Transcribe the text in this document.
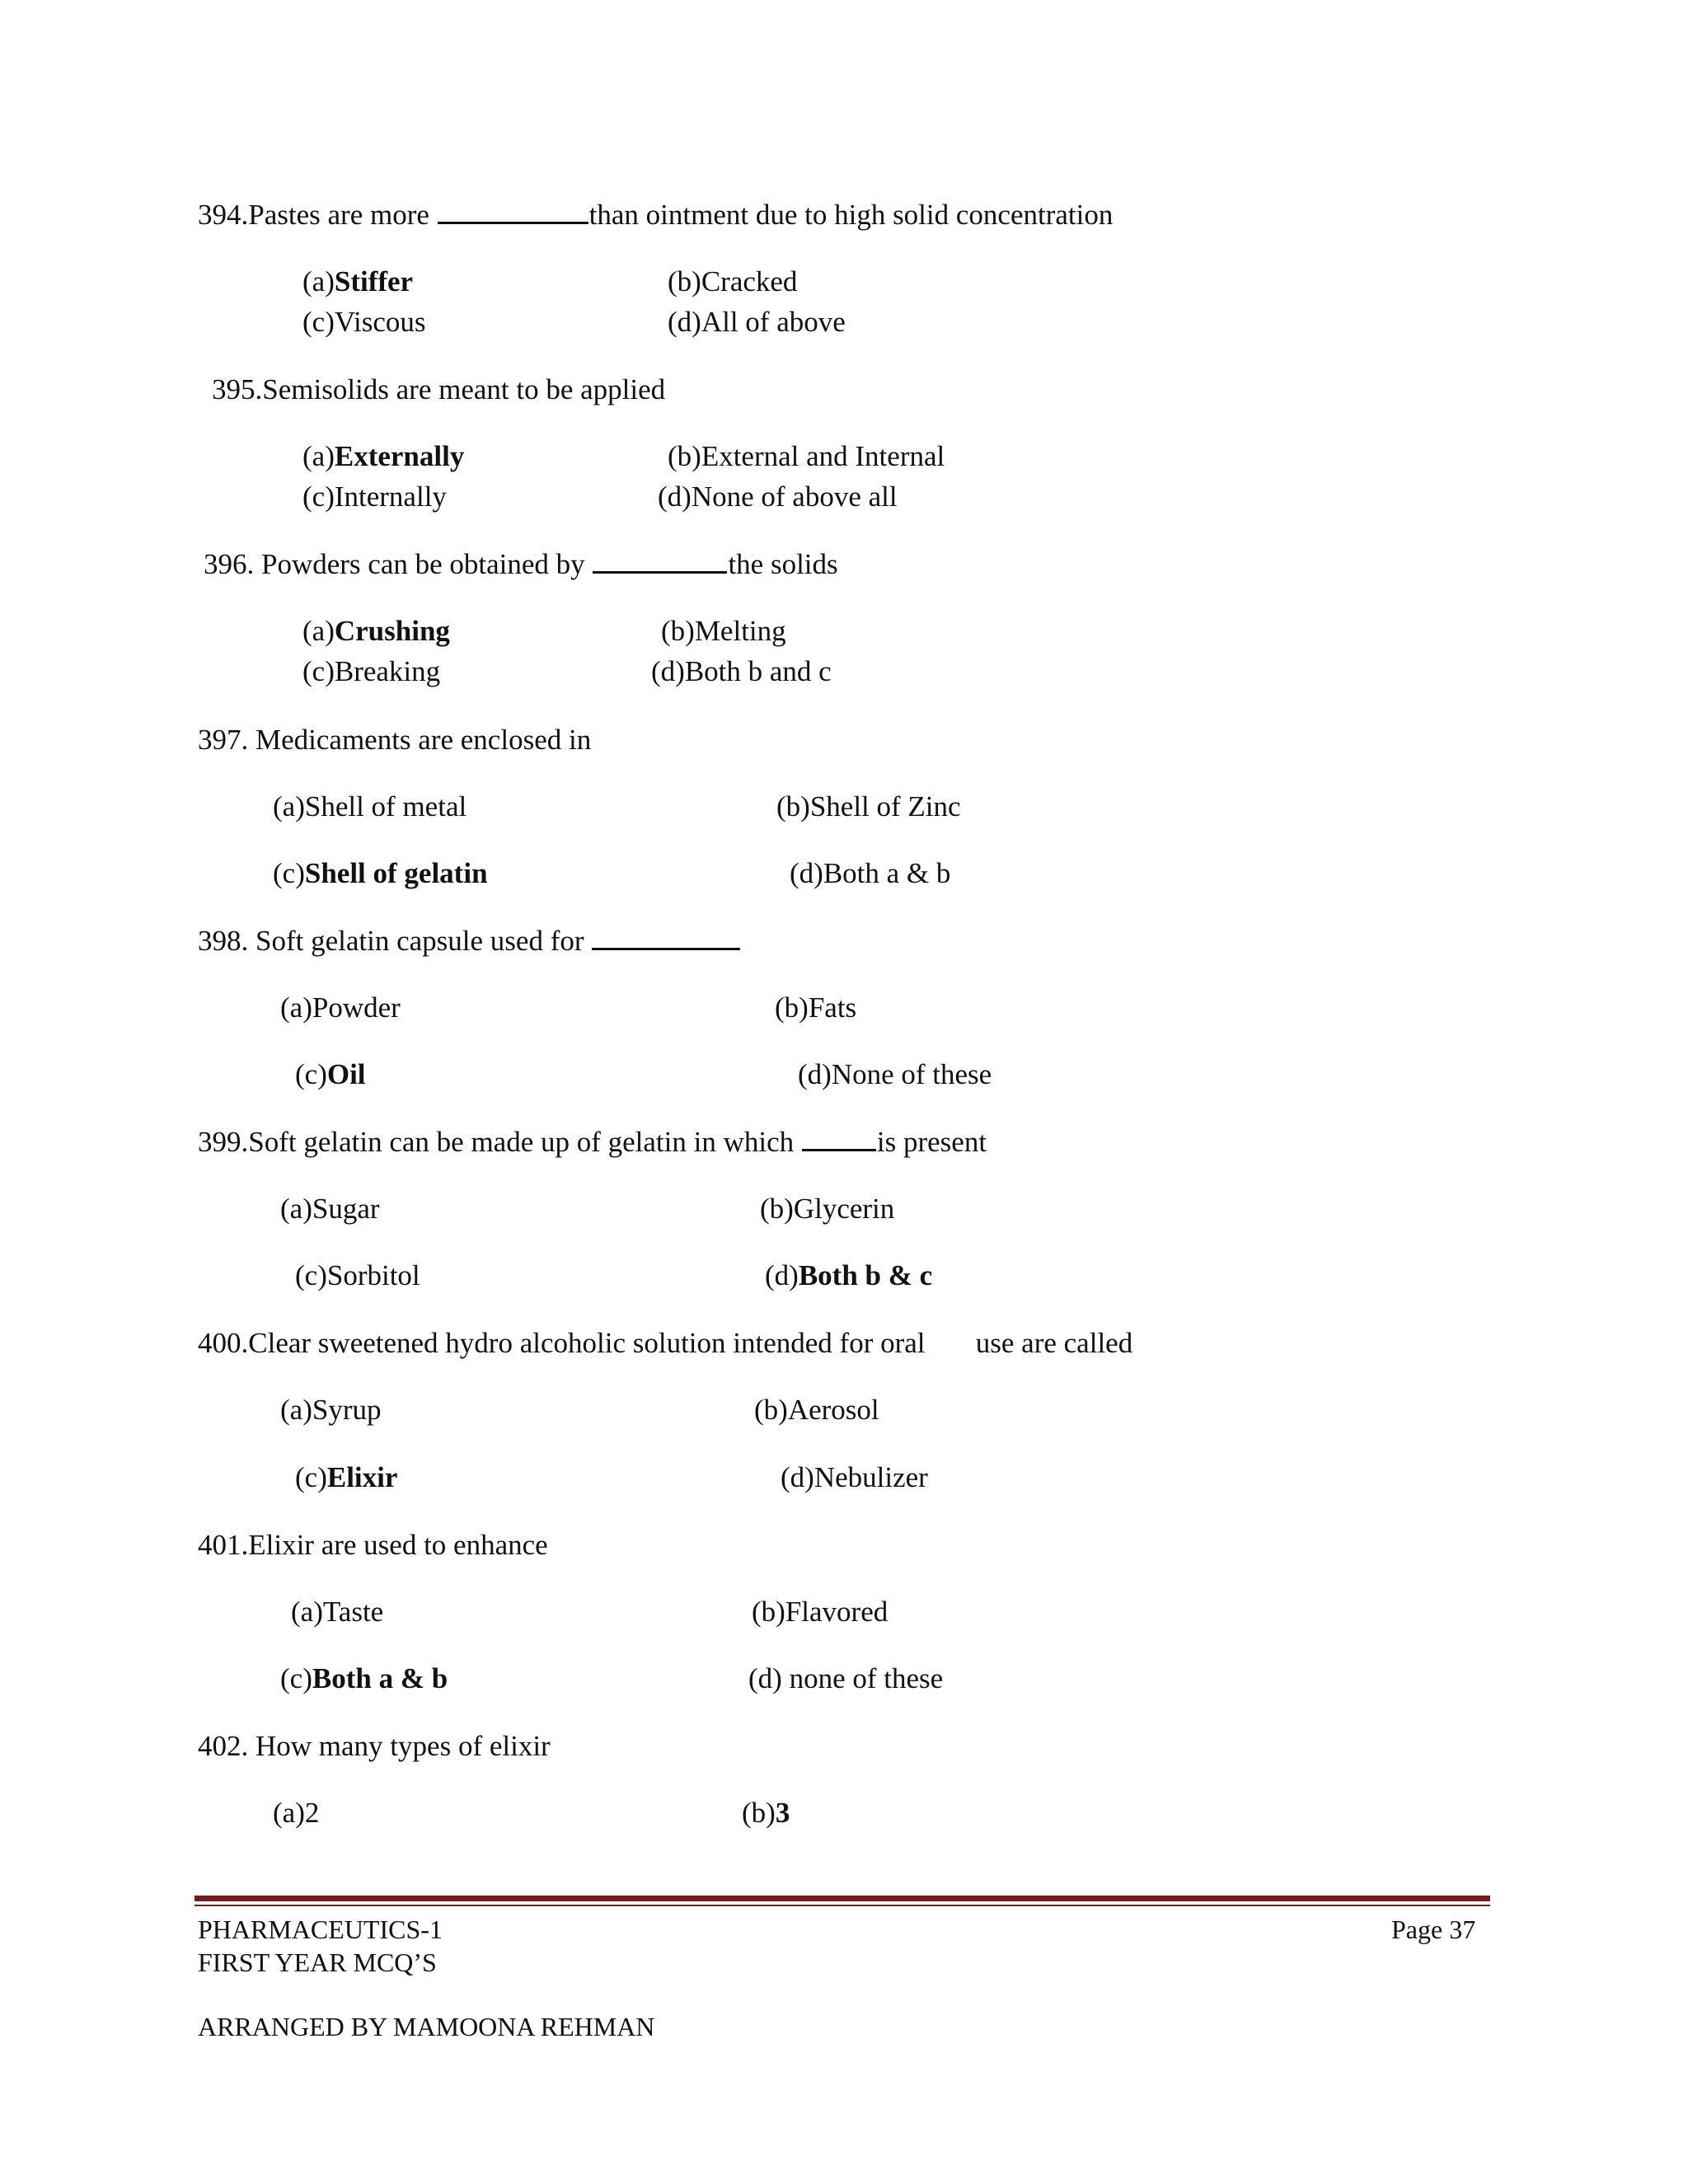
394.Pastes are more	than ointment due to high solid concentration
(a)Stiffer	(b)Cracked
(c)Viscous	(d)All of above
395.Semisolids are meant to be applied
(a)Externally	(b)External and Internal
(c)Internally	(d)None of above all
396. Powders can be obtained by	the solids
(a)Crushing	(b)Melting
(c)Breaking	(d)Both b and c
397. Medicaments are enclosed in
(a)Shell of metal	(b)Shell of Zinc
(c)Shell of gelatin	(d)Both a & b
398. Soft gelatin capsule used for
(a)Powder	(b)Fats
(c)Oil	(d)None of these
399.Soft gelatin can be made up of gelatin in which	is present
(a)Sugar	(b)Glycerin
(c)Sorbitol	(d)Both b & c
400.Clear sweetened hydro alcoholic solution intended for oral       use are called
(a)Syrup	(b)Aerosol
(c)Elixir	(d)Nebulizer
401.Elixir are used to enhance
(a)Taste	(b)Flavored
(c)Both a & b	(d) none of these
402. How many types of elixir
(a)2	(b)3
PHARMACEUTICS-1	Page 37
FIRST YEAR MCQ’S
ARRANGED BY MAMOONA REHMAN
